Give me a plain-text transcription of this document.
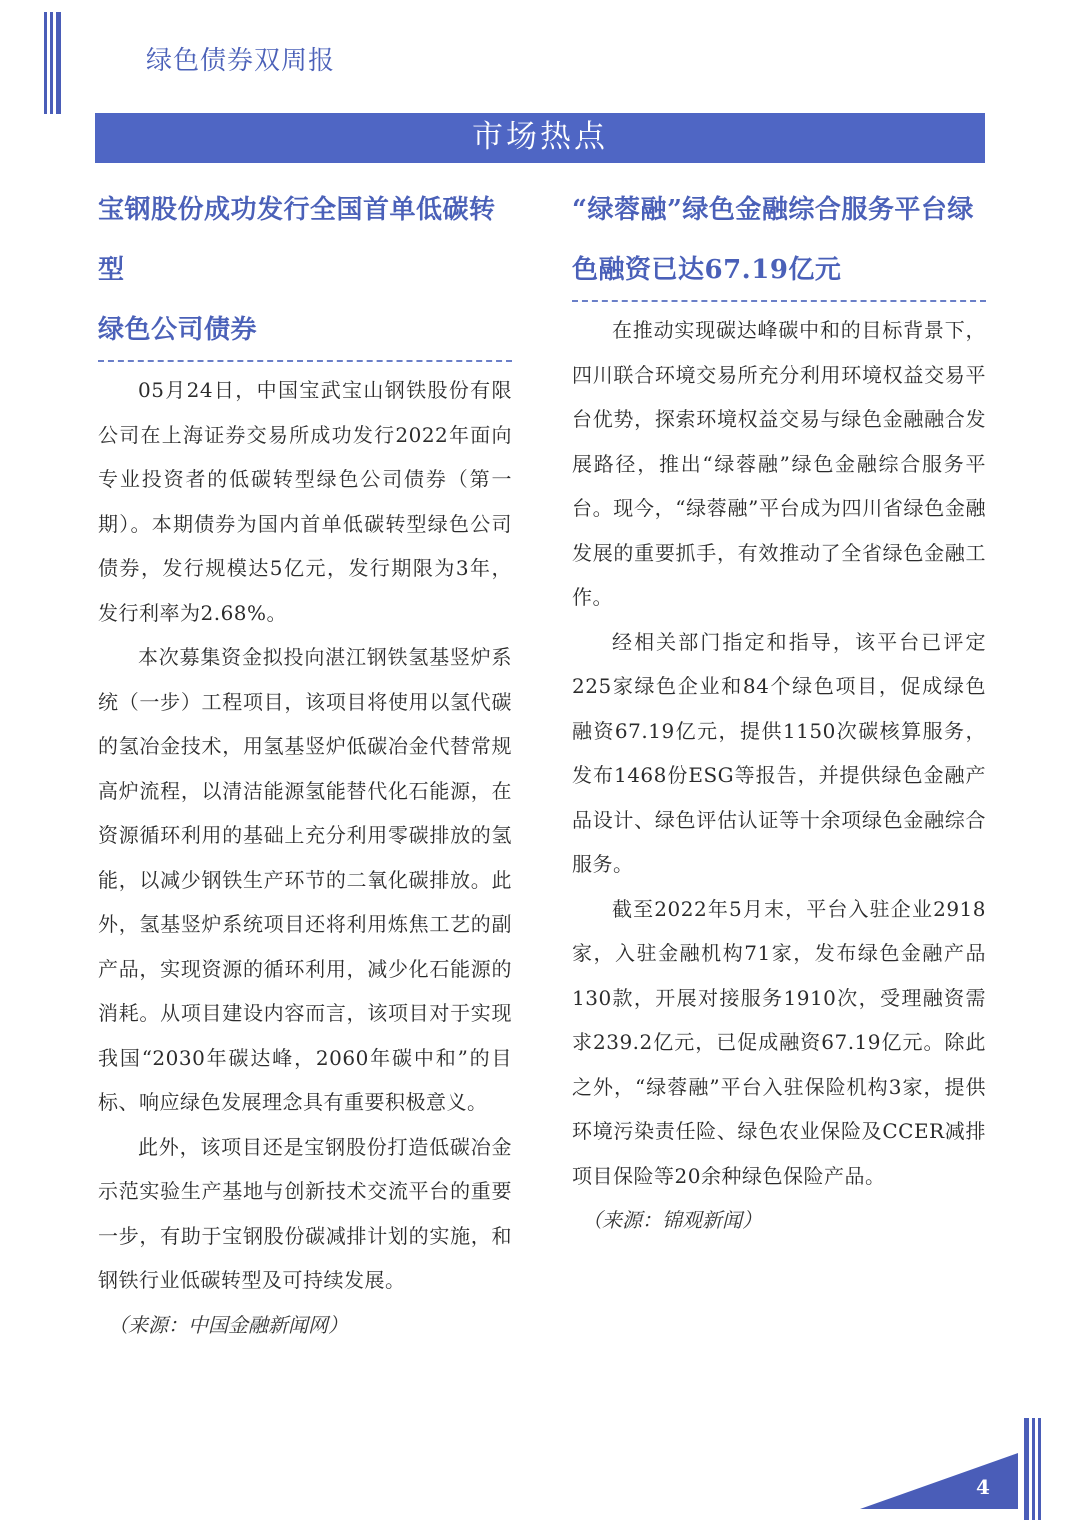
绿色债券双周报
市场热点

宝钢股份成功发行全国首单低碳转型

绿色公司债券

05月24日，中国宝武宝山钢铁股份有限公司在上海证券交易所成功发行2022年面向专业投资者的低碳转型绿色公司债券（第一期）。本期债券为国内首单低碳转型绿色公司债券，发行规模达5亿元，发行期限为3年，发行利率为2.68%。

本次募集资金拟投向湛江钢铁氢基竖炉系统（一步）工程项目，该项目将使用以氢代碳的氢冶金技术，用氢基竖炉低碳冶金代替常规高炉流程，以清洁能源氢能替代化石能源，在资源循环利用的基础上充分利用零碳排放的氢能，以减少钢铁生产环节的二氧化碳排放。此外，氢基竖炉系统项目还将利用炼焦工艺的副产品，实现资源的循环利用，减少化石能源的消耗。从项目建设内容而言，该项目对于实现我国“2030年碳达峰，2060年碳中和”的目标、响应绿色发展理念具有重要积极意义。

此外，该项目还是宝钢股份打造低碳冶金示范实验生产基地与创新技术交流平台的重要一步，有助于宝钢股份碳减排计划的实施，和钢铁行业低碳转型及可持续发展。

（来源：中国金融新闻网）

“绿蓉融”绿色金融综合服务平台绿

色融资已达67.19亿元

在推动实现碳达峰碳中和的目标背景下，四川联合环境交易所充分利用环境权益交易平台优势，探索环境权益交易与绿色金融融合发展路径，推出“绿蓉融”绿色金融综合服务平台。现今，“绿蓉融”平台成为四川省绿色金融发展的重要抓手，有效推动了全省绿色金融工作。

经相关部门指定和指导，该平台已评定225家绿色企业和84个绿色项目，促成绿色融资67.19亿元，提供1150次碳核算服务，发布1468份ESG等报告，并提供绿色金融产品设计、绿色评估认证等十余项绿色金融综合服务。

截至2022年5月末，平台入驻企业2918家，入驻金融机构71家，发布绿色金融产品130款，开展对接服务1910次，受理融资需求239.2亿元，已促成融资67.19亿元。除此之外，“绿蓉融”平台入驻保险机构3家，提供环境污染责任险、绿色农业保险及CCER减排项目保险等20余种绿色保险产品。

（来源：锦观新闻）

4
